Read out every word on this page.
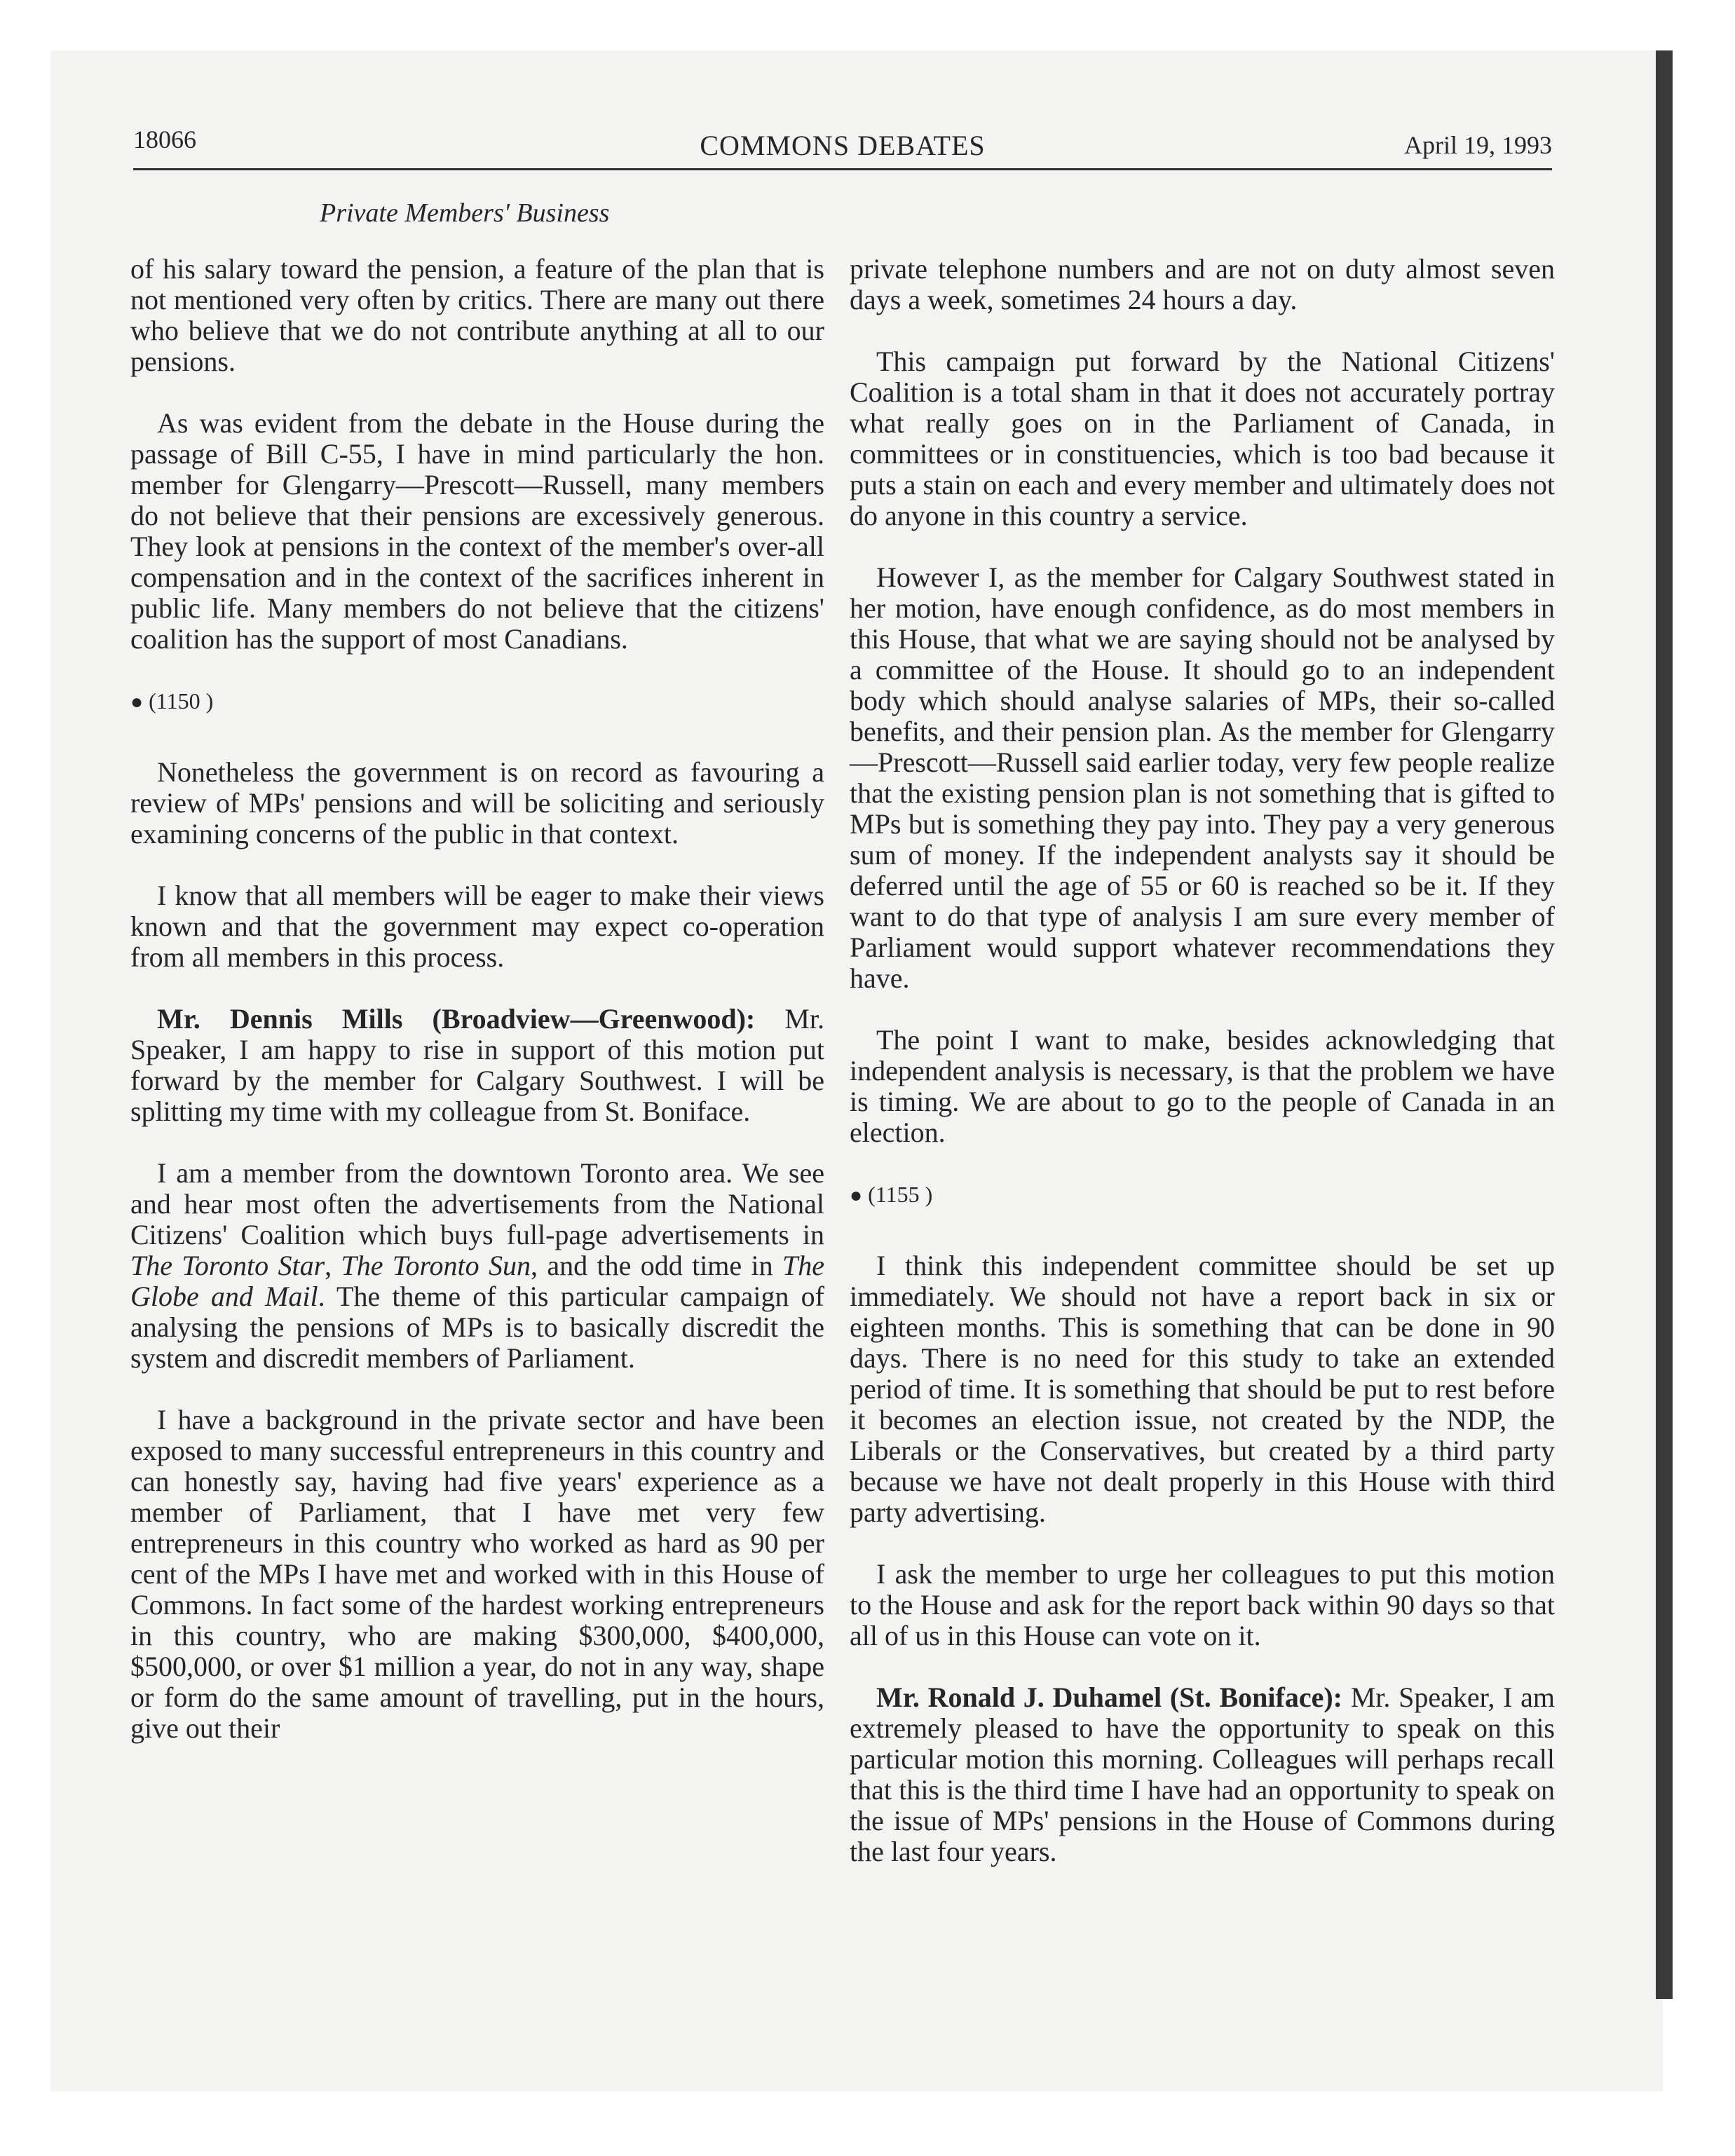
18066	COMMONS DEBATES	April 19, 1993
Private Members' Business

of his salary toward the pension, a feature of the plan that is not mentioned very often by critics. There are many out there who believe that we do not contribute anything at all to our pensions.

As was evident from the debate in the House during the passage of Bill C-55, I have in mind particularly the hon. member for Glengarry—Prescott—Russell, many members do not believe that their pensions are excessively generous. They look at pensions in the context of the member's over-all compensation and in the context of the sacrifices inherent in public life. Many members do not believe that the citizens' coalition has the support of most Canadians.

● (1150 )

Nonetheless the government is on record as favouring a review of MPs' pensions and will be soliciting and seriously examining concerns of the public in that context.

I know that all members will be eager to make their views known and that the government may expect co-operation from all members in this process.

Mr. Dennis Mills (Broadview—Greenwood): Mr. Speaker, I am happy to rise in support of this motion put forward by the member for Calgary Southwest. I will be splitting my time with my colleague from St. Boniface.

I am a member from the downtown Toronto area. We see and hear most often the advertisements from the National Citizens' Coalition which buys full-page advertisements in The Toronto Star, The Toronto Sun, and the odd time in The Globe and Mail. The theme of this particular campaign of analysing the pensions of MPs is to basically discredit the system and discredit members of Parliament.

I have a background in the private sector and have been exposed to many successful entrepreneurs in this country and can honestly say, having had five years' experience as a member of Parliament, that I have met very few entrepreneurs in this country who worked as hard as 90 per cent of the MPs I have met and worked with in this House of Commons. In fact some of the hardest working entrepreneurs in this country, who are making $300,000, $400,000, $500,000, or over $1 million a year, do not in any way, shape or form do the same amount of travelling, put in the hours, give out their

private telephone numbers and are not on duty almost seven days a week, sometimes 24 hours a day.

This campaign put forward by the National Citizens' Coalition is a total sham in that it does not accurately portray what really goes on in the Parliament of Canada, in committees or in constituencies, which is too bad because it puts a stain on each and every member and ultimately does not do anyone in this country a service.

However I, as the member for Calgary Southwest stated in her motion, have enough confidence, as do most members in this House, that what we are saying should not be analysed by a committee of the House. It should go to an independent body which should analyse salaries of MPs, their so-called benefits, and their pension plan. As the member for Glengarry—Prescott—Russell said earlier today, very few people realize that the existing pension plan is not something that is gifted to MPs but is something they pay into. They pay a very generous sum of money. If the independent analysts say it should be deferred until the age of 55 or 60 is reached so be it. If they want to do that type of analysis I am sure every member of Parliament would support whatever recommendations they have.

The point I want to make, besides acknowledging that independent analysis is necessary, is that the problem we have is timing. We are about to go to the people of Canada in an election.

● (1155 )

I think this independent committee should be set up immediately. We should not have a report back in six or eighteen months. This is something that can be done in 90 days. There is no need for this study to take an extended period of time. It is something that should be put to rest before it becomes an election issue, not created by the NDP, the Liberals or the Conservatives, but created by a third party because we have not dealt properly in this House with third party advertising.

I ask the member to urge her colleagues to put this motion to the House and ask for the report back within 90 days so that all of us in this House can vote on it.

Mr. Ronald J. Duhamel (St. Boniface): Mr. Speaker, I am extremely pleased to have the opportunity to speak on this particular motion this morning. Colleagues will perhaps recall that this is the third time I have had an opportunity to speak on the issue of MPs' pensions in the House of Commons during the last four years.
